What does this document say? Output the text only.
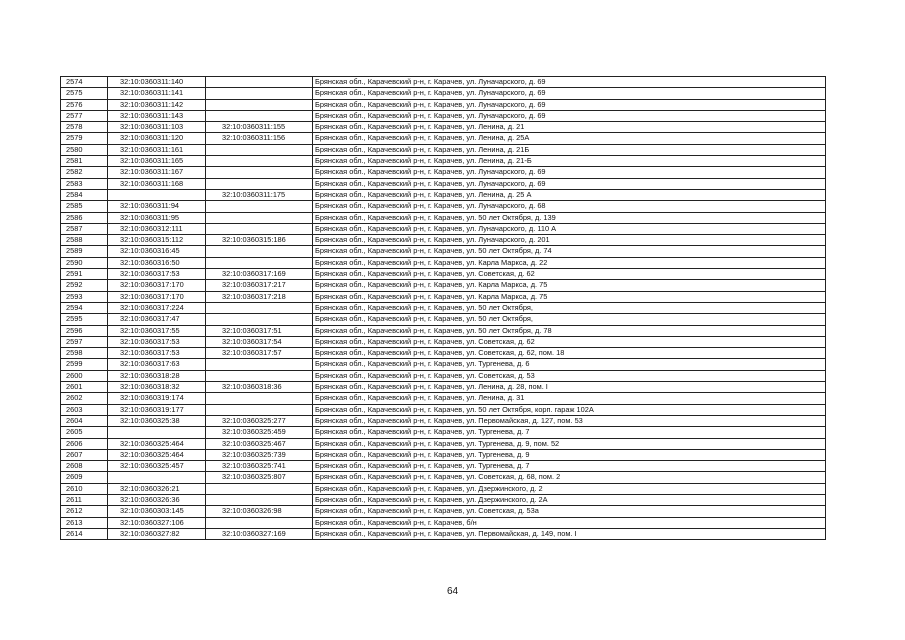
2574	32:10:0360311:140		Брянская обл., Карачевский р-н, г. Карачев, ул. Луначарского, д. 69
2575	32:10:0360311:141		Брянская обл., Карачевский р-н, г. Карачев, ул. Луначарского, д. 69
2576	32:10:0360311:142		Брянская обл., Карачевский р-н, г. Карачев, ул. Луначарского, д. 69
2577	32:10:0360311:143		Брянская обл., Карачевский р-н, г. Карачев, ул. Луначарского, д. 69
2578	32:10:0360311:103	32:10:0360311:155	Брянская обл., Карачевский р-н, г. Карачев, ул. Ленина, д. 21
2579	32:10:0360311:120	32:10:0360311:156	Брянская обл., Карачевский р-н, г. Карачев, ул. Ленина, д. 25А
2580	32:10:0360311:161		Брянская обл., Карачевский р-н, г. Карачев, ул. Ленина, д. 21Б
2581	32:10:0360311:165		Брянская обл., Карачевский р-н, г. Карачев, ул. Ленина, д. 21-Б
2582	32:10:0360311:167		Брянская обл., Карачевский р-н, г. Карачев, ул. Луначарского, д. 69
2583	32:10:0360311:168		Брянская обл., Карачевский р-н, г. Карачев, ул. Луначарского, д. 69
2584		32:10:0360311:175	Брянская обл., Карачевский р-н, г. Карачев, ул. Ленина, д. 25 А
2585	32:10:0360311:94		Брянская обл., Карачевский р-н, г. Карачев, ул. Луначарского, д. 68
2586	32:10:0360311:95		Брянская обл., Карачевский р-н, г. Карачев, ул. 50 лет Октября, д. 139
2587	32:10:0360312:111		Брянская обл., Карачевский р-н, г. Карачев, ул. Луначарского, д. 110 А
2588	32:10:0360315:112	32:10:0360315:186	Брянская обл., Карачевский р-н, г. Карачев, ул. Луначарского, д. 201
2589	32:10:0360316:45		Брянская обл., Карачевский р-н, г. Карачев, ул. 50 лет Октября, д. 74
2590	32:10:0360316:50		Брянская обл., Карачевский р-н, г. Карачев, ул. Карла Маркса, д. 22
2591	32:10:0360317:53	32:10:0360317:169	Брянская обл., Карачевский р-н, г. Карачев, ул. Советская, д. 62
2592	32:10:0360317:170	32:10:0360317:217	Брянская обл., Карачевский р-н, г. Карачев, ул. Карла Маркса, д. 75
2593	32:10:0360317:170	32:10:0360317:218	Брянская обл., Карачевский р-н, г. Карачев, ул. Карла Маркса, д. 75
2594	32:10:0360317:224		Брянская обл., Карачевский р-н, г. Карачев, ул. 50 лет Октября,
2595	32:10:0360317:47		Брянская обл., Карачевский р-н, г. Карачев, ул. 50 лет Октября,
2596	32:10:0360317:55	32:10:0360317:51	Брянская обл., Карачевский р-н, г. Карачев, ул. 50 лет Октября, д. 78
2597	32:10:0360317:53	32:10:0360317:54	Брянская обл., Карачевский р-н, г. Карачев, ул. Советская, д. 62
2598	32:10:0360317:53	32:10:0360317:57	Брянская обл., Карачевский р-н, г. Карачев, ул. Советская, д. 62, пом. 18
2599	32:10:0360317:63		Брянская обл., Карачевский р-н, г. Карачев, ул. Тургенева, д. 6
2600	32:10:0360318:28		Брянская обл., Карачевский р-н, г. Карачев, ул. Советская, д. 53
2601	32:10:0360318:32	32:10:0360318:36	Брянская обл., Карачевский р-н, г. Карачев, ул. Ленина, д. 28, пом. I
2602	32:10:0360319:174		Брянская обл., Карачевский р-н, г. Карачев, ул. Ленина, д. 31
2603	32:10:0360319:177		Брянская обл., Карачевский р-н, г. Карачев, ул. 50 лет Октября, корп. гараж 102А
2604	32:10:0360325:38	32:10:0360325:277	Брянская обл., Карачевский р-н, г. Карачев, ул. Первомайская, д. 127, пом. 53
2605		32:10:0360325:459	Брянская обл., Карачевский р-н, г. Карачев, ул. Тургенева, д. 7
2606	32:10:0360325:464	32:10:0360325:467	Брянская обл., Карачевский р-н, г. Карачев, ул. Тургенева, д. 9, пом. 52
2607	32:10:0360325:464	32:10:0360325:739	Брянская обл., Карачевский р-н, г. Карачев, ул. Тургенева, д. 9
2608	32:10:0360325:457	32:10:0360325:741	Брянская обл., Карачевский р-н, г. Карачев, ул. Тургенева, д. 7
2609		32:10:0360325:807	Брянская обл., Карачевский р-н, г. Карачев, ул. Советская, д. 68, пом. 2
2610	32:10:0360326:21		Брянская обл., Карачевский р-н, г. Карачев, ул. Дзержинского, д. 2
2611	32:10:0360326:36		Брянская обл., Карачевский р-н, г. Карачев, ул. Дзержинского, д. 2А
2612	32:10:0360303:145	32:10:0360326:98	Брянская обл., Карачевский р-н, г. Карачев, ул. Советская, д. 53а
2613	32:10:0360327:106		Брянская обл., Карачевский р-н, г. Карачев, б/н
2614	32:10:0360327:82	32:10:0360327:169	Брянская обл., Карачевский р-н, г. Карачев, ул. Первомайская, д. 149, пом. I
64
